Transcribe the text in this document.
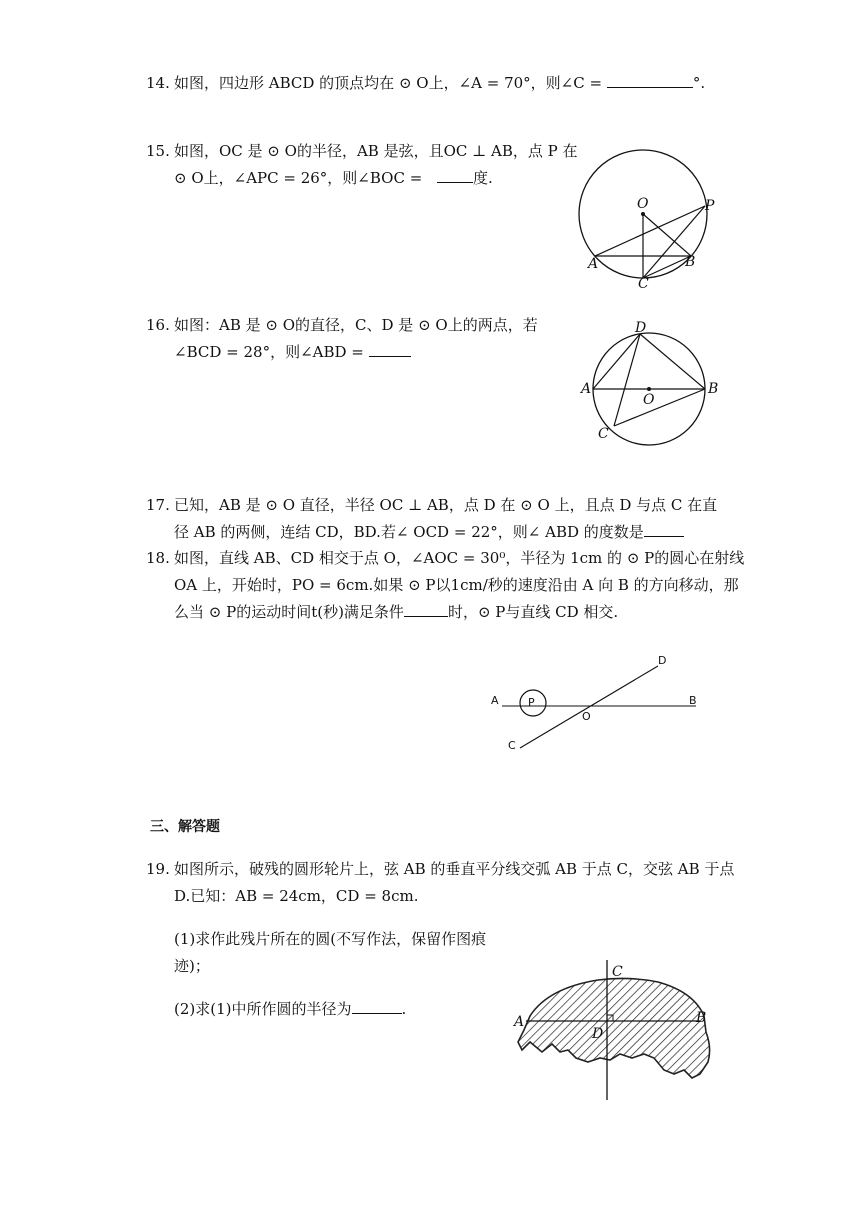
14. 如图，四边形 ABCD 的顶点均在 ⊙ O上，∠A = 70°，则∠C =	°.
15. 如图，OC 是 ⊙ O的半径，AB 是弦，且OC ⊥ AB，点 P 在
⊙ O上，∠APC = 26°，则∠BOC =	度.
O	P
A	B
C
16. 如图：AB 是 ⊙ O的直径，C、D 是 ⊙ O上的两点，若
∠BCD = 28°，则∠ABD =
D
A
O
B
C
17. 已知，AB 是 ⊙ O 直径，半径 OC ⊥ AB，点 D 在 ⊙ O 上，且点 D 与点 C 在直
径 AB 的两侧，连结 CD，BD.若∠ OCD = 22°，则∠ ABD 的度数是
18. 如图，直线 AB、CD 相交于点 O，∠AOC = 30⁰，半径为 1cm 的 ⊙ P的圆心在射线
OA 上，开始时，PO = 6cm.如果 ⊙ P以1cm/秒的速度沿由 A 向 B 的方向移动，那
么当 ⊙ P的运动时间t(秒)满足条件	时，⊙ P与直线 CD 相交.
A	P
O
B
C
D
三、解答题
19. 如图所示，破残的圆形轮片上，弦 AB 的垂直平分线交弧 AB 于点 C，交弦 AB 于点
D.已知：AB = 24cm，CD = 8cm.
(1)求作此残片所在的圆(不写作法，保留作图痕
迹)；
(2)求(1)中所作圆的半径为	.
C
A	B
D
